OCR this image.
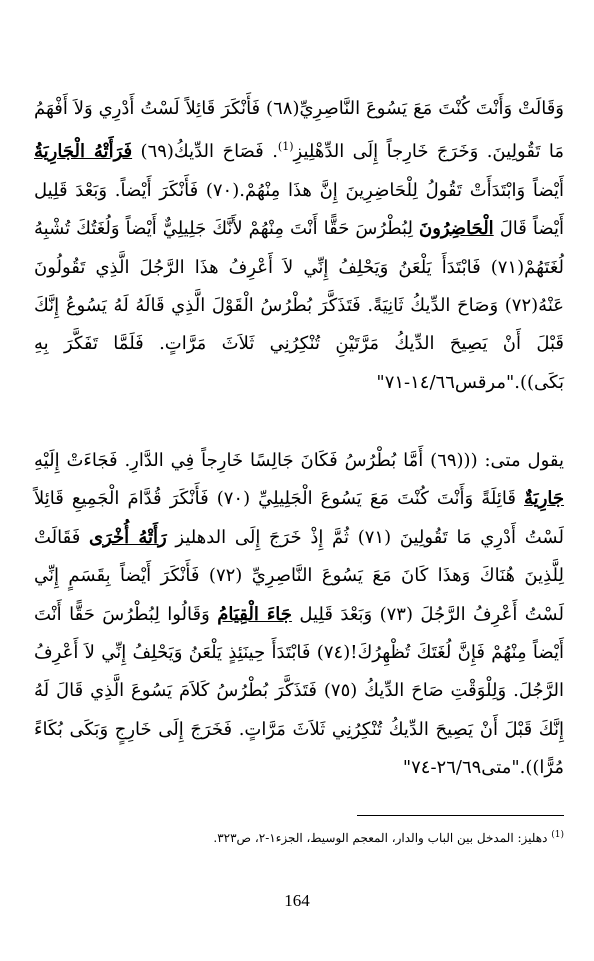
وَقَالَتْ وَأَنْتَ كُنْتَ مَعَ يَسُوعَ النَّاصِرِيِّ(٦٨) فَأَنْكَرَ قَائِلاً لَسْتُ أَدْرِي وَلاَ أَفْهَمُ مَا تَقُولِينَ. وَخَرَجَ خَارِجاً إِلَى الدِّهْلِيزِ$^{(1)}$. فَصَاحَ الدِّيكُ(٦٩) فَرَأَتْهُ الْجَارِيَةُ أَيْضاً وَابْتَدَأَتْ تَقُولُ لِلْحَاضِرِينَ إِنَّ هذَا مِنْهُمْ.(٧٠) فَأَنْكَرَ أَيْضاً. وَبَعْدَ قَلِيل أَيْضاً قَالَ الْحَاضِرُونَ لِبُطْرُسَ حَقًّا أَنْتَ مِنْهُمْ لأَنَّكَ جَلِيلِيٌّ أَيْضاً وَلُغَتُكَ تُشْبِهُ لُغَتَهُمْ(٧١) فَابْتَدَأَ يَلْعَنُ وَيَحْلِفُ إِنِّي لاَ أَعْرِفُ هذَا الرَّجُلَ الَّذِي تَقُولُونَ عَنْهُ(٧٢) وَصَاحَ الدِّيكُ ثَانِيَةً. فَتَذَكَّرَ بُطْرُسُ الْقَوْلَ الَّذِي قَالَهُ لَهُ يَسُوعُ إِنَّكَ قَبْلَ أَنْ يَصِيحَ الدِّيكُ مَرَّتَيْنِ تُنْكِرُنِي ثَلاَثَ مَرَّاتٍ. فَلَمَّا تَفَكَّرَ بِهِ بَكَى))."مرقس١٤/٦٦-٧١"

يقول متى: (((٦٩) أَمَّا بُطْرُسُ فَكَانَ جَالِسًا خَارِجاً فِي الدَّارِ. فَجَاءَتْ إِلَيْهِ جَارِيَةٌ قَائِلَةً وَأَنْتَ كُنْتَ مَعَ يَسُوعَ الْجَلِيلِيِّ (٧٠) فَأَنْكَرَ قُدَّامَ الْجَمِيعِ قَائِلاً لَسْتُ أَدْرِي مَا تَقُولِينَ (٧١) ثُمَّ إِذْ خَرَجَ إِلَى الدهليز رَأَتْهُ أُخْرَى فَقَالَتْ لِلَّذِينَ هُنَاكَ وَهذَا كَانَ مَعَ يَسُوعَ النَّاصِرِيِّ (٧٢) فَأَنْكَرَ أَيْضاً بِقَسَمٍ إِنِّي لَسْتُ أَعْرِفُ الرَّجُلَ (٧٣) وَبَعْدَ قَلِيل جَاءَ الْقِيَامُ وَقَالُوا لِبُطْرُسَ حَقًّا أَنْتَ أَيْضاً مِنْهُمْ فَإِنَّ لُغَتَكَ تُظْهِرُكَ!(٧٤) فَابْتَدَأَ حِينَئِذٍ يَلْعَنُ وَيَحْلِفُ إِنِّي لاَ أَعْرِفُ الرَّجُلَ. وَلِلْوَقْتِ صَاحَ الدِّيكُ (٧٥) فَتَذَكَّرَ بُطْرُسُ كَلاَمَ يَسُوعَ الَّذِي قَالَ لَهُ إِنَّكَ قَبْلَ أَنْ يَصِيحَ الدِّيكُ تُنْكِرُنِي ثَلاَثَ مَرَّاتٍ. فَخَرَجَ إِلَى خَارِجٍ وَبَكَى بُكَاءً مُرًّا))."متى٢٦/٦٩-٧٤"

$^{(1)}$ دهليز: المدخل بين الباب والدار، المعجم الوسيط، الجزء١-٢، ص٣٢٣.
164
